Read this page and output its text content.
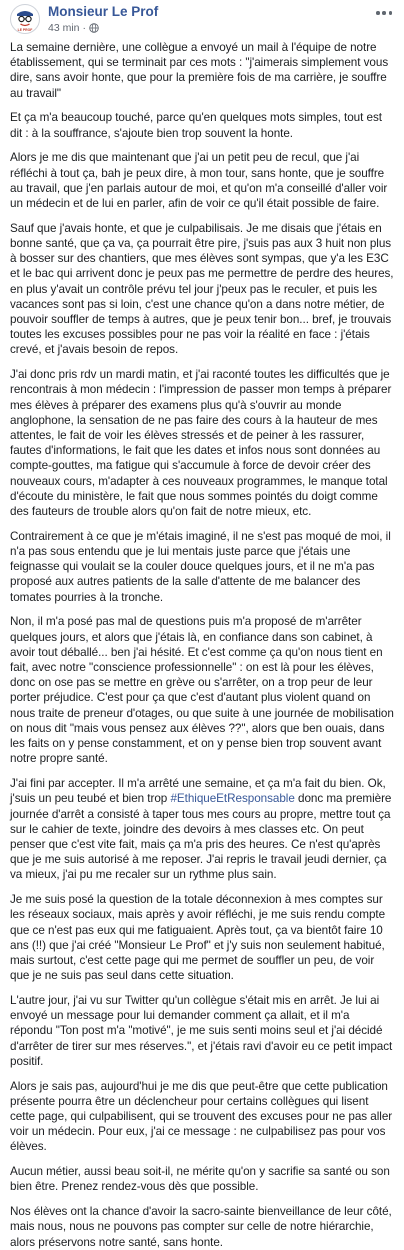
LE PROF
Monsieur Le Prof
43 min ·

La semaine dernière, une collègue a envoyé un mail à l'équipe de notre établissement, qui se terminait par ces mots : "j'aimerais simplement vous dire, sans avoir honte, que pour la première fois de ma carrière, je souffre au travail"

Et ça m'a beaucoup touché, parce qu'en quelques mots simples, tout est dit : à la souffrance, s'ajoute bien trop souvent la honte.

Alors je me dis que maintenant que j'ai un petit peu de recul, que j'ai réfléchi à tout ça, bah je peux dire, à mon tour, sans honte, que je souffre au travail, que j'en parlais autour de moi, et qu'on m'a conseillé d'aller voir un médecin et de lui en parler, afin de voir ce qu'il était possible de faire.

Sauf que j'avais honte, et que je culpabilisais. Je me disais que j'étais en bonne santé, que ça va, ça pourrait être pire, j'suis pas aux 3 huit non plus à bosser sur des chantiers, que mes élèves sont sympas, que y'a les E3C et le bac qui arrivent donc je peux pas me permettre de perdre des heures, en plus y'avait un contrôle prévu tel jour j'peux pas le reculer, et puis les vacances sont pas si loin, c'est une chance qu'on a dans notre métier, de pouvoir souffler de temps à autres, que je peux tenir bon... bref, je trouvais toutes les excuses possibles pour ne pas voir la réalité en face : j'étais crevé, et j'avais besoin de repos.

J'ai donc pris rdv un mardi matin, et j'ai raconté toutes les difficultés que je rencontrais à mon médecin : l'impression de passer mon temps à préparer mes élèves à préparer des examens plus qu'à s'ouvrir au monde anglophone, la sensation de ne pas faire des cours à la hauteur de mes attentes, le fait de voir les élèves stressés et de peiner à les rassurer, fautes d'informations, le fait que les dates et infos nous sont données au compte-gouttes, ma fatigue qui s'accumule à force de devoir créer des nouveaux cours, m'adapter à ces nouveaux programmes, le manque total d'écoute du ministère, le fait que nous sommes pointés du doigt comme des fauteurs de trouble alors qu'on fait de notre mieux, etc.

Contrairement à ce que je m'étais imaginé, il ne s'est pas moqué de moi, il n'a pas sous entendu que je lui mentais juste parce que j'étais une feignasse qui voulait se la couler douce quelques jours, et il ne m'a pas proposé aux autres patients de la salle d'attente de me balancer des tomates pourries à la tronche.

Non, il m'a posé pas mal de questions puis m'a proposé de m'arrêter quelques jours, et alors que j'étais là, en confiance dans son cabinet, à avoir tout déballé... ben j'ai hésité. Et c'est comme ça qu'on nous tient en fait, avec notre "conscience professionnelle" : on est là pour les élèves, donc on ose pas se mettre en grève ou s'arrêter, on a trop peur de leur porter préjudice. C'est pour ça que c'est d'autant plus violent quand on nous traite de preneur d'otages, ou que suite à une journée de mobilisation on nous dit "mais vous pensez aux élèves ??", alors que ben ouais, dans les faits on y pense constamment, et on y pense bien trop souvent avant notre propre santé.

J'ai fini par accepter. Il m'a arrêté une semaine, et ça m'a fait du bien. Ok, j'suis un peu teubé et bien trop #EthiqueEtResponsable donc ma première journée d'arrêt a consisté à taper tous mes cours au propre, mettre tout ça sur le cahier de texte, joindre des devoirs à mes classes etc. On peut penser que c'est vite fait, mais ça m'a pris des heures. Ce n'est qu'après que je me suis autorisé à me reposer. J'ai repris le travail jeudi dernier, ça va mieux, j'ai pu me recaler sur un rythme plus sain.

Je me suis posé la question de la totale déconnexion à mes comptes sur les réseaux sociaux, mais après y avoir réfléchi, je me suis rendu compte que ce n'est pas eux qui me fatiguaient. Après tout, ça va bientôt faire 10 ans (!!) que j'ai créé "Monsieur Le Prof" et j'y suis non seulement habitué, mais surtout, c'est cette page qui me permet de souffler un peu, de voir que je ne suis pas seul dans cette situation.

L'autre jour, j'ai vu sur Twitter qu'un collègue s'était mis en arrêt. Je lui ai envoyé un message pour lui demander comment ça allait, et il m'a répondu "Ton post m'a "motivé", je me suis senti moins seul et j'ai décidé d'arrêter de tirer sur mes réserves.", et j'étais ravi d'avoir eu ce petit impact positif.

Alors je sais pas, aujourd'hui je me dis que peut-être que cette publication présente pourra être un déclencheur pour certains collègues qui lisent cette page, qui culpabilisent, qui se trouvent des excuses pour ne pas aller voir un médecin. Pour eux, j'ai ce message : ne culpabilisez pas pour vos élèves.

Aucun métier, aussi beau soit-il, ne mérite qu'on y sacrifie sa santé ou son bien être. Prenez rendez-vous dès que possible.

Nos élèves ont la chance d'avoir la sacro-sainte bienveillance de leur côté, mais nous, nous ne pouvons pas compter sur celle de notre hiérarchie, alors préservons notre santé, sans honte.
